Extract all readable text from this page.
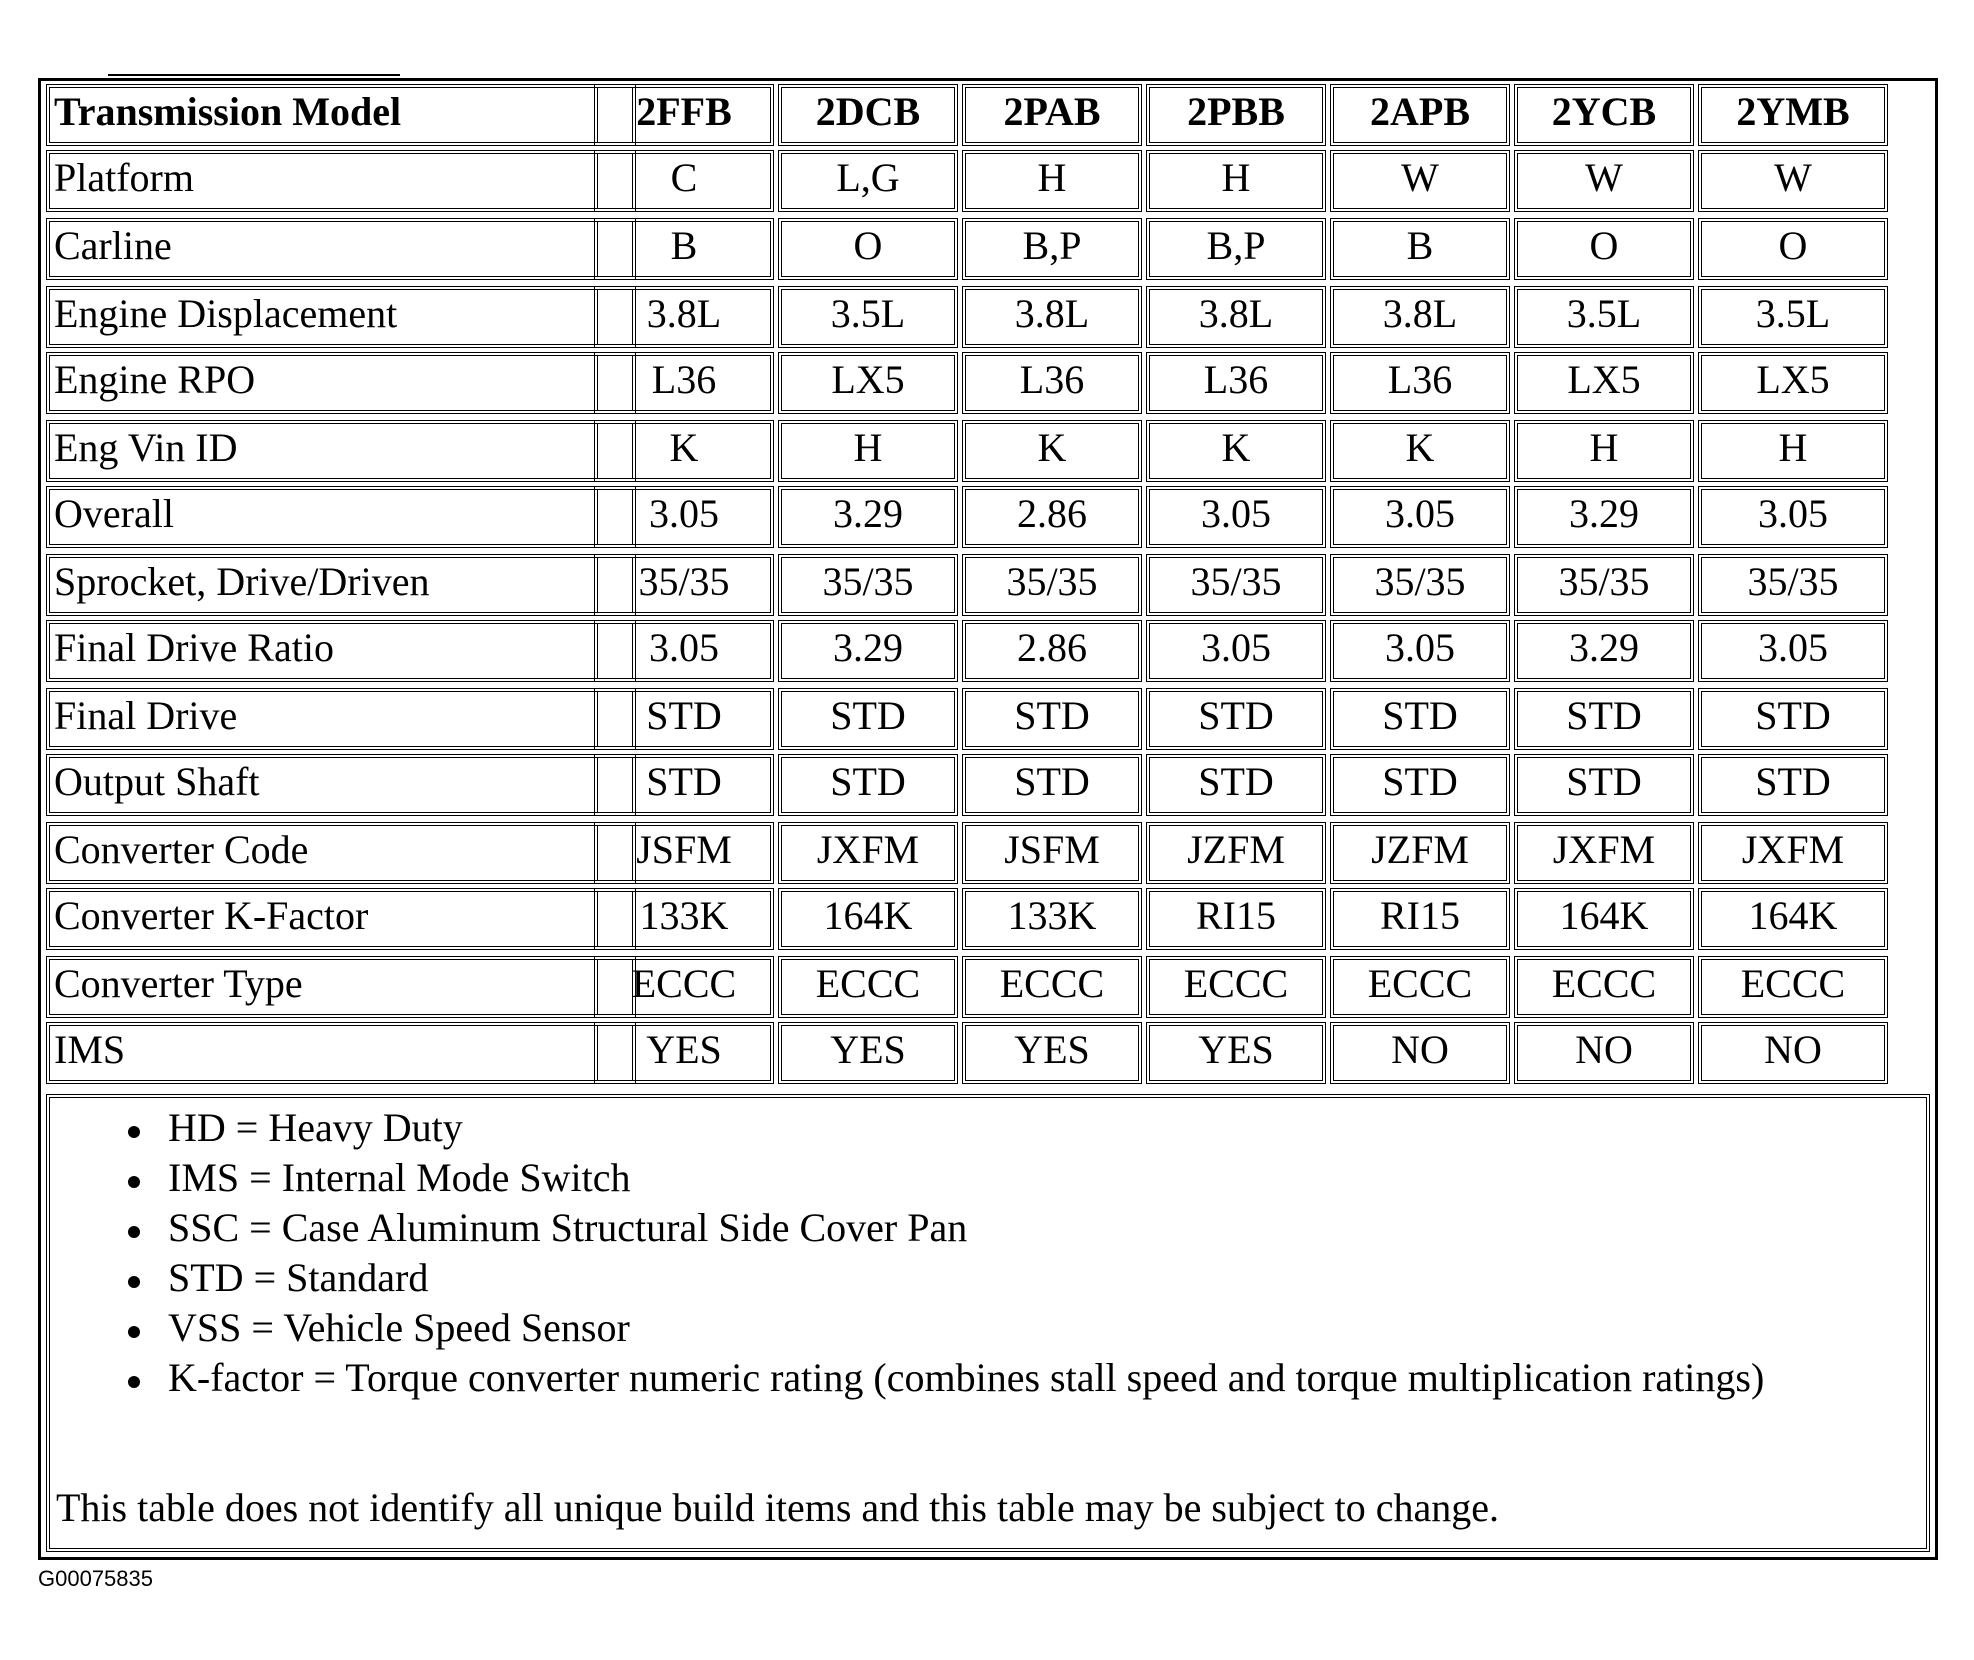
Transmission Model	2FFB	2DCB	2PAB	2PBB	2APB	2YCB	2YMB
Platform	C	L,G	H	H	W	W	W
Carline	B	O	B,P	B,P	B	O	O
Engine Displacement	3.8L	3.5L	3.8L	3.8L	3.8L	3.5L	3.5L
Engine RPO	L36	LX5	L36	L36	L36	LX5	LX5
Eng Vin ID	K	H	K	K	K	H	H
Overall	3.05	3.29	2.86	3.05	3.05	3.29	3.05
Sprocket, Drive/Driven	35/35	35/35	35/35	35/35	35/35	35/35	35/35
Final Drive Ratio	3.05	3.29	2.86	3.05	3.05	3.29	3.05
Final Drive	STD	STD	STD	STD	STD	STD	STD
Output Shaft	STD	STD	STD	STD	STD	STD	STD
Converter Code	JSFM	JXFM	JSFM	JZFM	JZFM	JXFM	JXFM
Converter K-Factor	133K	164K	133K	RI15	RI15	164K	164K
Converter Type	ECCC	ECCC	ECCC	ECCC	ECCC	ECCC	ECCC
IMS	YES	YES	YES	YES	NO	NO	NO
HD = Heavy Duty
IMS = Internal Mode Switch
SSC = Case Aluminum Structural Side Cover Pan
STD = Standard
VSS = Vehicle Speed Sensor
K-factor = Torque converter numeric rating (combines stall speed and torque multiplication ratings)
This table does not identify all unique build items and this table may be subject to change.
G00075835
